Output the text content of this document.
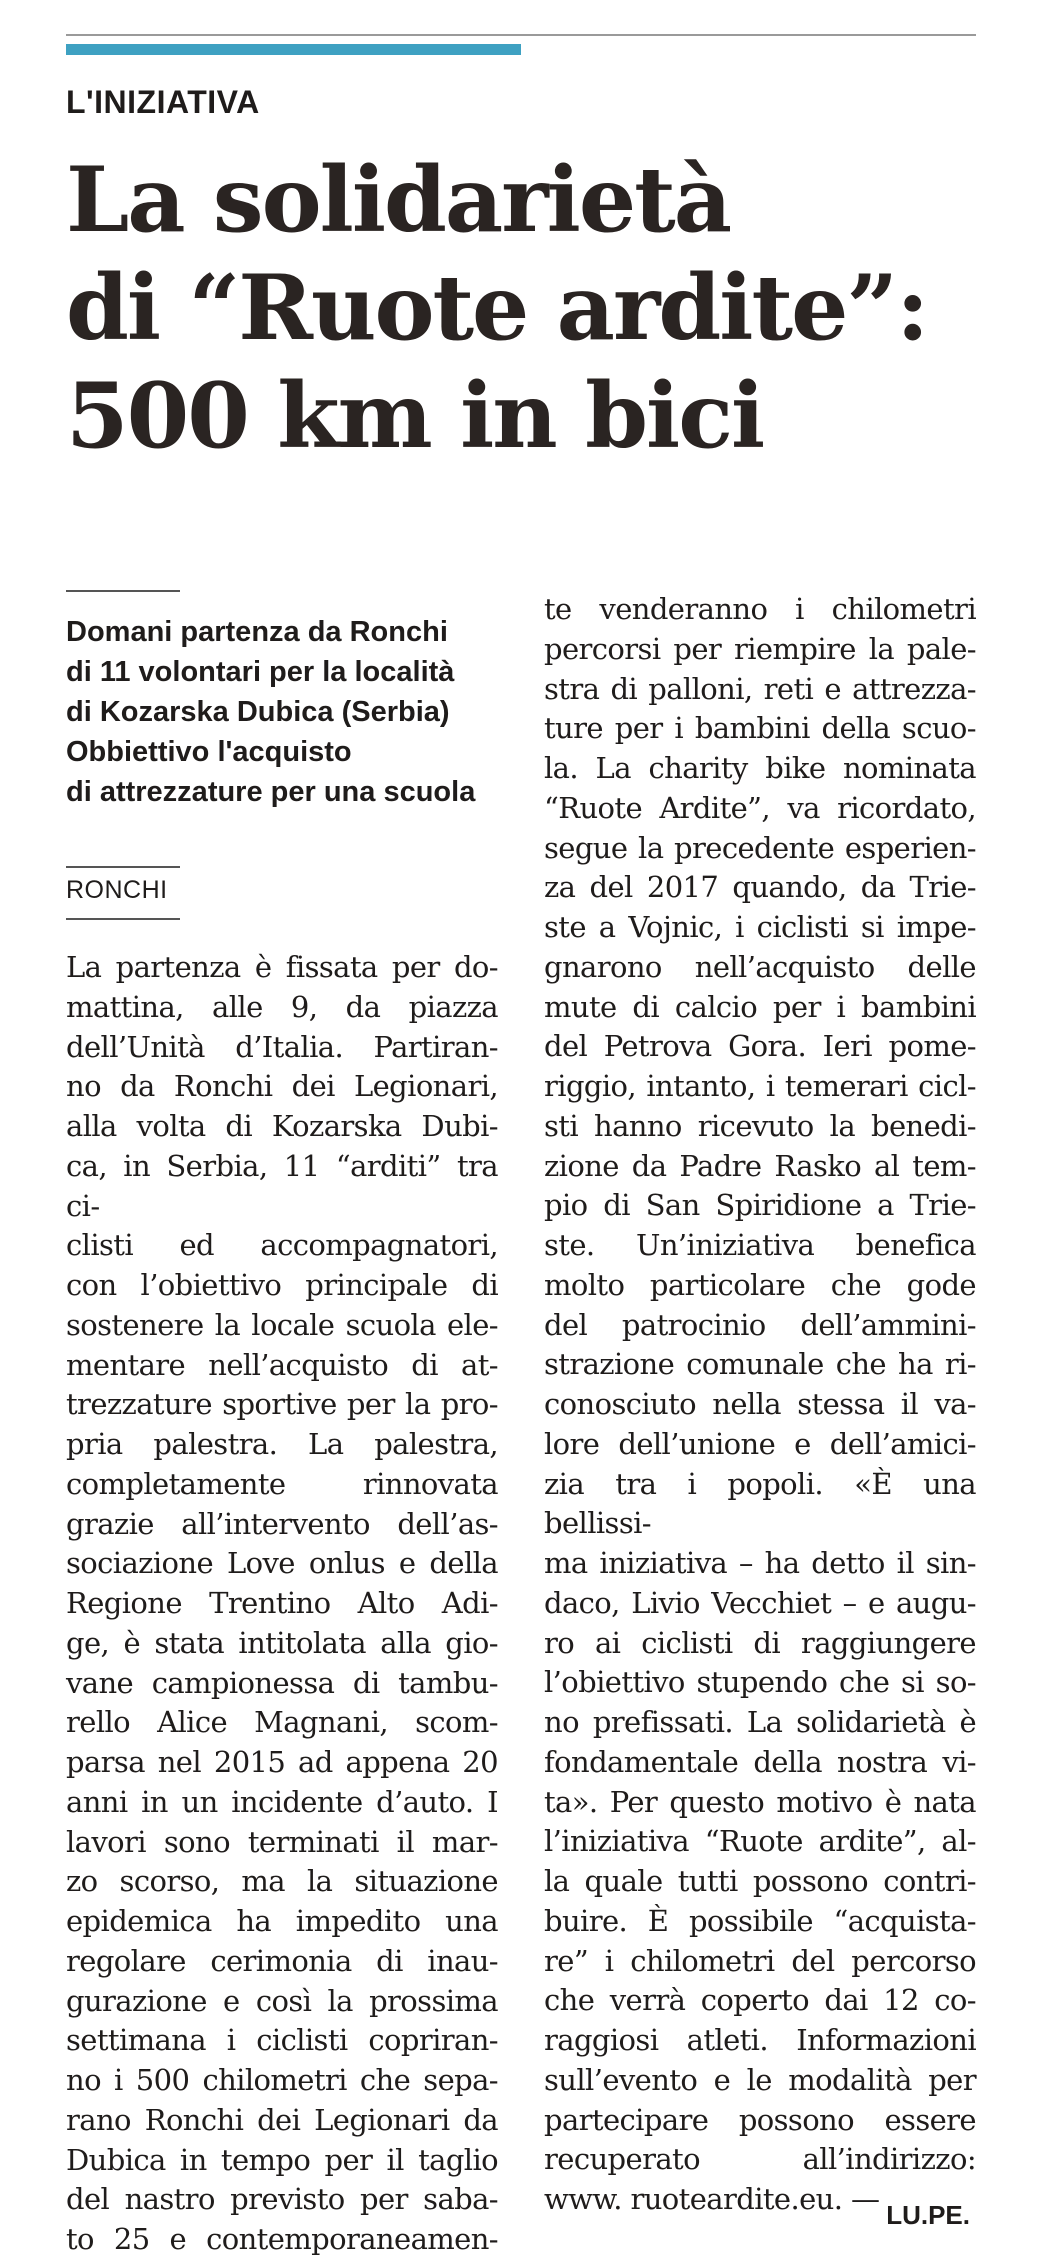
L'INIZIATIVA
La solidarietà
di “Ruote ardite”:
500 km in bici
Domani partenza da Ronchi
di 11 volontari per la località
di Kozarska Dubica (Serbia)
Obbiettivo l'acquisto
di attrezzature per una scuola
RONCHI
La partenza è fissata per do-
mattina, alle 9, da piazza
dell’Unità d’Italia. Partiran-
no da Ronchi dei Legionari,
alla volta di Kozarska Dubi-
ca, in Serbia, 11 “arditi” tra ci-
clisti ed accompagnatori,
con l’obiettivo principale di
sostenere la locale scuola ele-
mentare nell’acquisto di at-
trezzature sportive per la pro-
pria palestra. La palestra,
completamente rinnovata
grazie all’intervento dell’as-
sociazione Love onlus e della
Regione Trentino Alto Adi-
ge, è stata intitolata alla gio-
vane campionessa di tambu-
rello Alice Magnani, scom-
parsa nel 2015 ad appena 20
anni in un incidente d’auto. I
lavori sono terminati il mar-
zo scorso, ma la situazione
epidemica ha impedito una
regolare cerimonia di inau-
gurazione e così la prossima
settimana i ciclisti copriran-
no i 500 chilometri che sepa-
rano Ronchi dei Legionari da
Dubica in tempo per il taglio
del nastro previsto per saba-
to 25 e contemporaneamen-
te venderanno i chilometri
percorsi per riempire la pale-
stra di palloni, reti e attrezza-
ture per i bambini della scuo-
la. La charity bike nominata
“Ruote Ardite”, va ricordato,
segue la precedente esperien-
za del 2017 quando, da Trie-
ste a Vojnic, i ciclisti si impe-
gnarono nell’acquisto delle
mute di calcio per i bambini
del Petrova Gora. Ieri pome-
riggio, intanto, i temerari cicl-
sti hanno ricevuto la benedi-
zione da Padre Rasko al tem-
pio di San Spiridione a Trie-
ste. Un’iniziativa benefica
molto particolare che gode
del patrocinio dell’ammini-
strazione comunale che ha ri-
conosciuto nella stessa il va-
lore dell’unione e dell’amici-
zia tra i popoli. «È una bellissi-
ma iniziativa – ha detto il sin-
daco, Livio Vecchiet – e augu-
ro ai ciclisti di raggiungere
l’obiettivo stupendo che si so-
no prefissati. La solidarietà è
fondamentale della nostra vi-
ta». Per questo motivo è nata
l’iniziativa “Ruote ardite”, al-
la quale tutti possono contri-
buire. È possibile “acquista-
re” i chilometri del percorso
che verrà coperto dai 12 co-
raggiosi atleti. Informazioni
sull’evento e le modalità per
partecipare possono essere
recuperato all’indirizzo:
www. ruoteardite.eu. — LU.PE.
